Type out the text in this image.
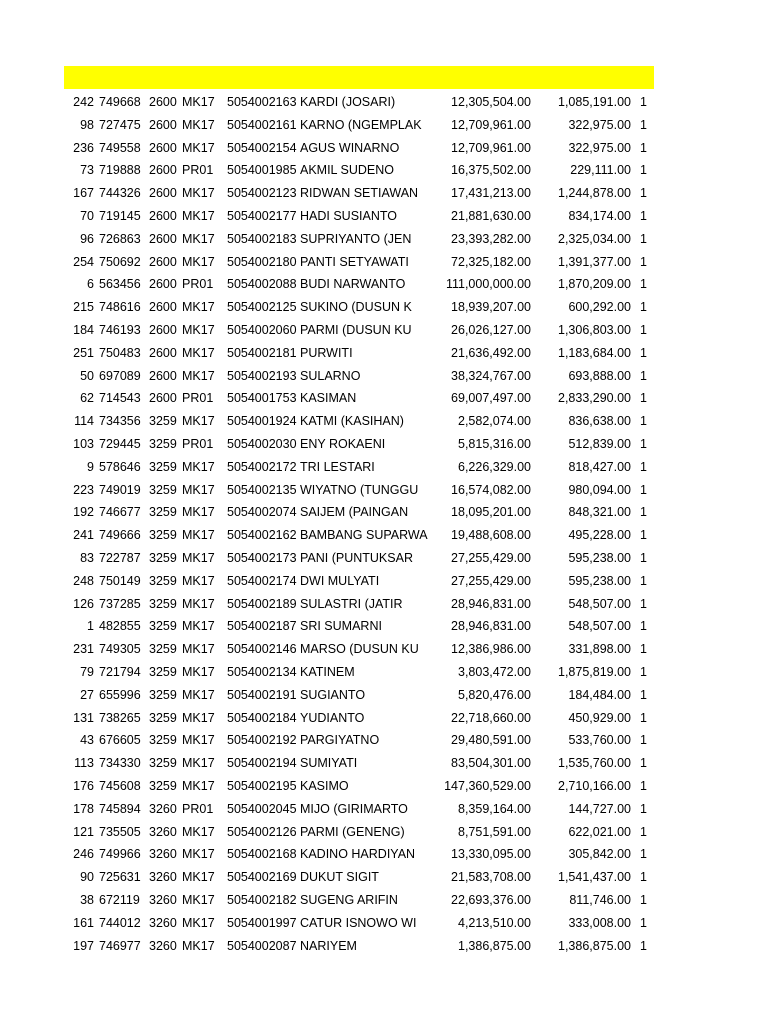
242 749668 2600 MK17 5054002163 KARDI (JOSARI)	12,305,504.00	1,085,191.00 1
98 727475 2600 MK17 5054002161 KARNO (NGEMPLAK	12,709,961.00	322,975.00 1
236 749558 2600 MK17 5054002154 AGUS WINARNO	12,709,961.00	322,975.00 1
73 719888 2600 PR01	5054001985 AKMIL SUDENO	16,375,502.00	229,111.00 1
167 744326 2600 MK17 5054002123 RIDWAN SETIAWAN	17,431,213.00	1,244,878.00 1
70 719145 2600 MK17 5054002177 HADI SUSIANTO	21,881,630.00	834,174.00 1
96 726863 2600 MK17 5054002183 SUPRIYANTO (JEN	23,393,282.00	2,325,034.00 1
254 750692 2600 MK17 5054002180 PANTI SETYAWATI	72,325,182.00	1,391,377.00 1
6 563456 2600 PR01	5054002088 BUDI NARWANTO	111,000,000.00	1,870,209.00 1
215 748616 2600 MK17 5054002125 SUKINO (DUSUN K	18,939,207.00	600,292.00 1
184 746193 2600 MK17 5054002060 PARMI (DUSUN KU	26,026,127.00	1,306,803.00 1
251 750483 2600 MK17 5054002181 PURWITI	21,636,492.00	1,183,684.00 1
50 697089 2600 MK17 5054002193 SULARNO	38,324,767.00	693,888.00 1
62 714543 2600 PR01	5054001753 KASIMAN	69,007,497.00	2,833,290.00 1
114 734356 3259 MK17 5054001924 KATMI (KASIHAN)	2,582,074.00	836,638.00 1
103 729445 3259 PR01	5054002030 ENY ROKAENI	5,815,316.00	512,839.00 1
9 578646 3259 MK17 5054002172 TRI LESTARI	6,226,329.00	818,427.00 1
223 749019 3259 MK17 5054002135 WIYATNO (TUNGGU	16,574,082.00	980,094.00 1
192 746677 3259 MK17 5054002074 SAIJEM (PAINGAN	18,095,201.00	848,321.00 1
241 749666 3259 MK17 5054002162 BAMBANG SUPARWA	19,488,608.00	495,228.00 1
83 722787 3259 MK17 5054002173 PANI (PUNTUKSAR	27,255,429.00	595,238.00 1
248 750149 3259 MK17 5054002174 DWI MULYATI	27,255,429.00	595,238.00 1
126 737285 3259 MK17 5054002189 SULASTRI (JATIR	28,946,831.00	548,507.00 1
1 482855 3259 MK17 5054002187 SRI SUMARNI	28,946,831.00	548,507.00 1
231 749305 3259 MK17 5054002146 MARSO (DUSUN KU	12,386,986.00	331,898.00 1
79 721794 3259 MK17 5054002134 KATINEM	3,803,472.00	1,875,819.00 1
27 655996 3259 MK17 5054002191 SUGIANTO	5,820,476.00	184,484.00 1
131 738265 3259 MK17 5054002184 YUDIANTO	22,718,660.00	450,929.00 1
43 676605 3259 MK17 5054002192 PARGIYATNO	29,480,591.00	533,760.00 1
113 734330 3259 MK17 5054002194 SUMIYATI	83,504,301.00	1,535,760.00 1
176 745608 3259 MK17 5054002195 KASIMO	147,360,529.00	2,710,166.00 1
178 745894 3260 PR01	5054002045 MIJO (GIRIMARTO	8,359,164.00	144,727.00 1
121 735505 3260 MK17 5054002126 PARMI (GENENG)	8,751,591.00	622,021.00 1
246 749966 3260 MK17 5054002168 KADINO HARDIYAN	13,330,095.00	305,842.00 1
90 725631 3260 MK17 5054002169 DUKUT SIGIT	21,583,708.00	1,541,437.00 1
38 672119 3260 MK17 5054002182 SUGENG ARIFIN	22,693,376.00	811,746.00 1
161 744012 3260 MK17 5054001997 CATUR ISNOWO WI	4,213,510.00	333,008.00 1
197 746977 3260 MK17 5054002087 NARIYEM	1,386,875.00	1,386,875.00 1
